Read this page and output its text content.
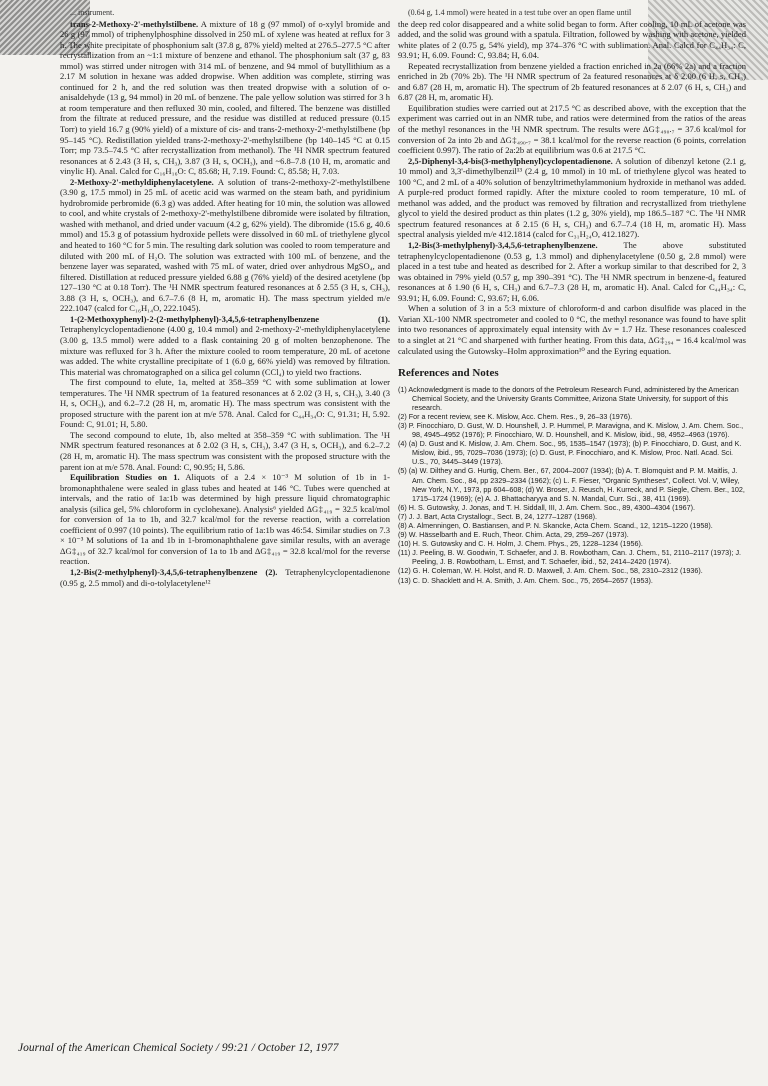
... instrument.

trans-2-Methoxy-2'-methylstilbene. A mixture of 18 g (97 mmol) of o-xylyl bromide and 26 g (97 mmol) of triphenylphosphine dissolved in 250 mL of xylene was heated at reflux for 3 h. The white precipitate of phosphonium salt (37.8 g, 87% yield) melted at 276.5–277.5 °C after recrystallization from an ~1:1 mixture of benzene and ethanol. The phosphonium salt (37 g, 83 mmol) was stirred under nitrogen with 314 mL of benzene, and 94 mmol of butyllithium as a 2.17 M solution in hexane was added dropwise. When addition was complete, stirring was continued for 2 h, and the red solution was then treated dropwise with a solution of o-anisaldehyde (13 g, 94 mmol) in 20 mL of benzene. The pale yellow solution was stirred for 3 h at room temperature and then refluxed 30 min, cooled, and filtered. The benzene was distilled from the filtrate at reduced pressure, and the residue was distilled at reduced pressure (0.15 Torr) to yield 16.7 g (90% yield) of a mixture of cis- and trans-2-methoxy-2'-methylstilbene (bp 95–145 °C). Redistillation yielded trans-2-methoxy-2'-methylstilbene (bp 140–145 °C at 0.15 Torr; mp 73.5–74.5 °C after recrystallization from methanol). The ¹H NMR spectrum featured resonances at δ 2.43 (3 H, s, CH₃), 3.87 (3 H, s, OCH₃), and ~6.8–7.8 (10 H, m, aromatic and vinylic H). Anal. Calcd for C₁₆H₁₆O: C, 85.68; H, 7.19. Found: C, 85.58; H, 7.03.

2-Methoxy-2'-methyldiphenylacetylene. A solution of trans-2-methoxy-2'-methylstilbene (3.90 g, 17.5 mmol) in 25 mL of acetic acid was warmed on the steam bath, and pyridinium hydrobromide perbromide (6.3 g) was added. After heating for 10 min, the solution was allowed to cool, and white crystals of 2-methoxy-2'-methylstilbene dibromide were isolated by filtration, washed with methanol, and dried under vacuum (4.2 g, 62% yield). The dibromide (15.6 g, 40.6 mmol) and 15.3 g of potassium hydroxide pellets were dissolved in 60 mL of triethylene glycol and heated to 160 °C for 5 min. The resulting dark solution was cooled to room temperature and diluted with 200 mL of H₂O. The solution was extracted with 100 mL of benzene, and the benzene layer was separated, washed with 75 mL of water, dried over anhydrous MgSO₄, and filtered. Distillation at reduced pressure yielded 6.88 g (76% yield) of the desired acetylene (bp 127–130 °C at 0.18 Torr). The ¹H NMR spectrum featured resonances at δ 2.55 (3 H, s, CH₃), 3.88 (3 H, s, OCH₃), and 6.7–7.6 (8 H, m, aromatic H). The mass spectrum yielded m/e 222.1047 (calcd for C₁₆H₁₄O, 222.1045).

1-(2-Methoxyphenyl)-2-(2-methylphenyl)-3,4,5,6-tetraphenylbenzene (1). Tetraphenylcyclopentadienone (4.00 g, 10.4 mmol) and 2-methoxy-2'-methyldiphenylacetylene (3.00 g, 13.5 mmol) were added to a flask containing 20 g of molten benzophenone. The mixture was refluxed for 3 h. After the mixture cooled to room temperature, 20 mL of acetone was added. The white crystalline precipitate of 1 (6.0 g, 66% yield) was removed by filtration. This material was chromatographed on a silica gel column (CCl₄) to yield two fractions.

The first compound to elute, 1a, melted at 358–359 °C with some sublimation at lower temperatures. The ¹H NMR spectrum of 1a featured resonances at δ 2.02 (3 H, s, CH₃), 3.40 (3 H, s, OCH₃), and 6.2–7.2 (28 H, m, aromatic H). The mass spectrum was consistent with the proposed structure with the parent ion at m/e 578. Anal. Calcd for C₄₄H₃₄O: C, 91.31; H, 5.92. Found: C, 91.01; H, 5.80.

The second compound to elute, 1b, also melted at 358–359 °C with sublimation. The ¹H NMR spectrum featured resonances at δ 2.02 (3 H, s, CH₃), 3.47 (3 H, s, OCH₃), and 6.2–7.2 (28 H, m, aromatic H). The mass spectrum was consistent with the proposed structure with the parent ion at m/e 578. Anal. Found: C, 90.95; H, 5.86.

Equilibration Studies on 1. Aliquots of a 2.4 × 10⁻³ M solution of 1b in 1-bromonaphthalene were sealed in glass tubes and heated at 146 °C. Tubes were quenched at intervals, and the ratio of 1a:1b was determined by high pressure liquid chromatographic analysis (silica gel, 5% chloroform in cyclohexane). Analysis⁶ yielded ΔG‡₄₁₉ = 32.5 kcal/mol for conversion of 1a to 1b, and 32.7 kcal/mol for the reverse reaction, with a correlation coefficient of 0.997 (10 points). The equilibrium ratio of 1a:1b was 46:54. Similar studies on 7.3 × 10⁻³ M solutions of 1a and 1b in 1-bromonaphthalene gave similar results, with an average ΔG‡₄₁₉ of 32.7 kcal/mol for conversion of 1a to 1b and ΔG‡₄₁₉ = 32.8 kcal/mol for the reverse reaction.

1,2-Bis(2-methylphenyl)-3,4,5,6-tetraphenylbenzene (2). Tetraphenylcyclopentadienone (0.95 g, 2.5 mmol) and di-o-tolylacetylene¹²

(0.64 g, 1.4 mmol) were heated in a test tube over an open flame until

the deep red color disappeared and a white solid began to form. After cooling, 10 mL of acetone was added, and the solid was ground with a spatula. Filtration, followed by washing with acetone, yielded white plates of 2 (0.75 g, 54% yield), mp 374–376 °C with sublimation. Anal. Calcd for C₄₄H₃₄: C, 93.91; H, 6.09. Found: C, 93.84; H, 6.04.

Repeated recrystallization from benzene yielded a fraction enriched in 2a (66% 2a) and a fraction enriched in 2b (70% 2b). The ¹H NMR spectrum of 2a featured resonances at δ 2.00 (6 H, s, CH₃) and 6.87 (28 H, m, aromatic H). The spectrum of 2b featured resonances at δ 2.07 (6 H, s, CH₃) and 6.87 (28 H, m, aromatic H).

Equilibration studies were carried out at 217.5 °C as described above, with the exception that the experiment was carried out in an NMR tube, and ratios were determined from the ratios of the areas of the methyl resonances in the ¹H NMR spectrum. The results were ΔG‡₄₉₀.₇ = 37.6 kcal/mol for conversion of 2a into 2b and ΔG‡₄₉₀.₇ = 38.1 kcal/mol for the reverse reaction (6 points, correlation coefficient 0.997). The ratio of 2a:2b at equilibrium was 0.6 at 217.5 °C.

2,5-Diphenyl-3,4-bis(3-methylphenyl)cyclopentadienone. A solution of dibenzyl ketone (2.1 g, 10 mmol) and 3,3'-dimethylbenzil¹³ (2.4 g, 10 mmol) in 10 mL of triethylene glycol was heated to 100 °C, and 2 mL of a 40% solution of benzyltrimethylammonium hydroxide in methanol was added. A purple-red product formed rapidly. After the mixture cooled to room temperature, 10 mL of methanol was added, and the product was removed by filtration and recrystallized from triethylene glycol to yield the desired product as thin plates (1.2 g, 30% yield), mp 186.5–187 °C. The ¹H NMR spectrum featured resonances at δ 2.15 (6 H, s, CH₃) and 6.7–7.4 (18 H, m, aromatic H). Mass spectral analysis yielded m/e 412.1814 (calcd for C₃₁H₂₄O, 412.1827).

1,2-Bis(3-methylphenyl)-3,4,5,6-tetraphenylbenzene.	The above substituted tetraphenylcyclopentadienone (0.53 g, 1.3 mmol) and diphenylacetylene (0.50 g, 2.8 mmol) were placed in a test tube and heated as described for 2. After a workup similar to that described for 2, 3 was obtained in 79% yield (0.57 g, mp 390–391 °C). The ¹H NMR spectrum in benzene-d₆ featured resonances at δ 1.90 (6 H, s, CH₃) and 6.7–7.3 (28 H, m, aromatic H). Anal. Calcd for C₄₄H₃₄: C, 93.91; H, 6.09. Found: C, 93.67; H, 6.06.

When a solution of 3 in a 5:3 mixture of chloroform-d and carbon disulfide was placed in the Varian XL-100 NMR spectrometer and cooled to 0 °C, the methyl resonance was found to have split into two resonances of approximately equal intensity with Δν = 1.7 Hz. These resonances coalesced to a singlet at 21 °C and sharpened with further heating. From this data, ΔG‡₂₉₄ = 16.4 kcal/mol was calculated using the Gutowsky–Holm approximation¹⁰ and the Eyring equation.

References and Notes

(1) Acknowledgment is made to the donors of the Petroleum Research Fund, administered by the American Chemical Society, and the University Grants Committee, Arizona State University, for support of this research.

(2) For a recent review, see K. Mislow, Acc. Chem. Res., 9, 26–33 (1976).

(3) P. Finocchiaro, D. Gust, W. D. Hounshell, J. P. Hummel, P. Maravigna, and K. Mislow, J. Am. Chem. Soc., 98, 4945–4952 (1976); P. Finocchiaro, W. D. Hounshell, and K. Mislow, ibid., 98, 4952–4963 (1976).

(4) (a) D. Gust and K. Mislow, J. Am. Chem. Soc., 95, 1535–1547 (1973); (b) P. Finocchiaro, D. Gust, and K. Mislow, ibid., 95, 7029–7036 (1973); (c) D. Gust, P. Finocchiaro, and K. Mislow, Proc. Natl. Acad. Sci. U.S., 70, 3445–3449 (1973).

(5) (a) W. Dilthey and G. Hurtig, Chem. Ber., 67, 2004–2007 (1934); (b) A. T. Blomquist and P. M. Maitlis, J. Am. Chem. Soc., 84, pp 2329–2334 (1962); (c) L. F. Fieser, "Organic Syntheses", Collect. Vol. V, Wiley, New York, N.Y., 1973, pp 604–608; (d) W. Broser, J. Reusch, H. Kurreck, and P. Siegle, Chem. Ber., 102, 1715–1724 (1969); (e) A. J. Bhattacharyya and S. N. Mandal, Curr. Sci., 38, 411 (1969).

(6) H. S. Gutowsky, J. Jonas, and T. H. Siddall, III, J. Am. Chem. Soc., 89, 4300–4304 (1967).

(7) J. J. Bart, Acta Crystallogr., Sect. B, 24, 1277–1287 (1968).

(8) A. Almenningen, O. Bastiansen, and P. N. Skancke, Acta Chem. Scand., 12, 1215–1220 (1958).

(9) W. Hässelbarth and E. Ruch, Theor. Chim. Acta, 29, 259–267 (1973).

(10) H. S. Gutowsky and C. H. Holm, J. Chem. Phys., 25, 1228–1234 (1956).

(11) J. Peeling, B. W. Goodwin, T. Schaefer, and J. B. Rowbotham, Can. J. Chem., 51, 2110–2117 (1973); J. Peeling, J. B. Rowbotham, L. Ernst, and T. Schaefer, ibid., 52, 2414–2420 (1974).

(12) G. H. Coleman, W. H. Holst, and R. D. Maxwell, J. Am. Chem. Soc., 58, 2310–2312 (1936).

(13) C. D. Shacklett and H. A. Smith, J. Am. Chem. Soc., 75, 2654–2657 (1953).

Journal of the American Chemical Society / 99:21 / October 12, 1977
